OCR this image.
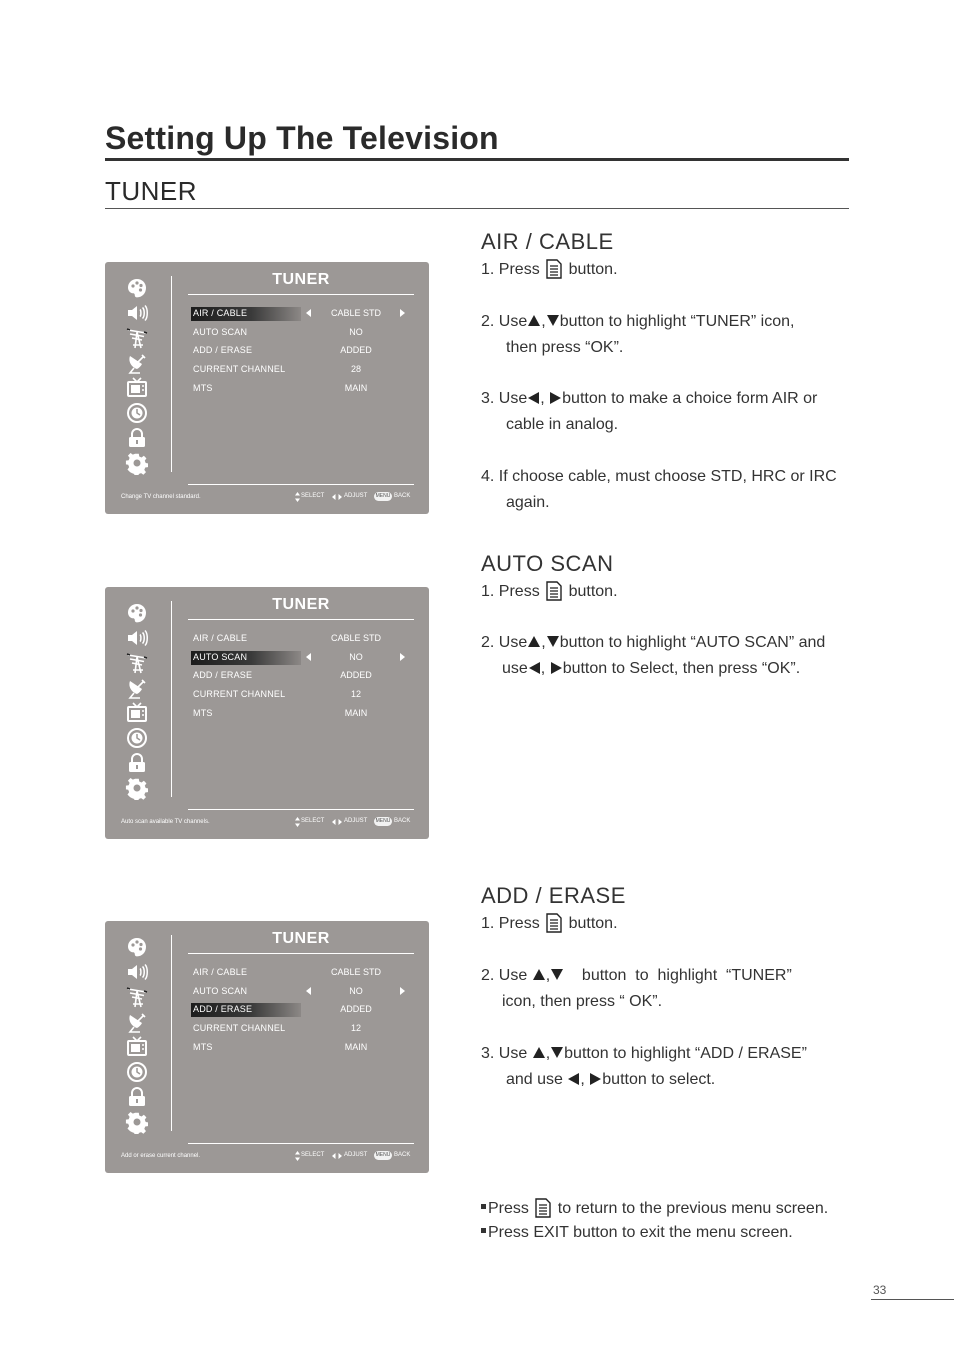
Setting Up The Television
TUNER
TUNER
AIR / CABLE	CABLE STD
AUTO SCAN	NO
ADD / ERASE	ADDED
CURRENT CHANNEL	28
MTS	MAIN
Change TV channel standard.	SELECT	ADJUST	MENU BACK
TUNER
AIR / CABLE	CABLE STD
AUTO SCAN	NO
ADD / ERASE	ADDED
CURRENT CHANNEL	12
MTS	MAIN
Auto scan available TV channels.	SELECT	ADJUST	MENU BACK
TUNER
AIR / CABLE	CABLE STD
AUTO SCAN	NO
ADD / ERASE	ADDED
CURRENT CHANNEL	12
MTS	MAIN
Add or erase current channel.	SELECT	ADJUST	MENU BACK
AIR / CABLE
1. Press  button.
2. Use , button to highlight “TUNER” icon,
then press “OK”.
3. Use , button to make a choice form AIR or
cable in analog.
4. If choose cable, must choose STD, HRC or IRC
again.
AUTO SCAN
1. Press  button.
2. Use , button to highlight “AUTO SCAN” and
use , button to Select, then press “OK”.
ADD / ERASE
1. Press  button.
2. Use ,    button  to  highlight  “TUNER”
icon, then press “ OK”.
3. Use , button to highlight “ADD / ERASE”
and use , button to select.
Press  to return to the previous menu screen.
Press EXIT button to exit the menu screen.
33
